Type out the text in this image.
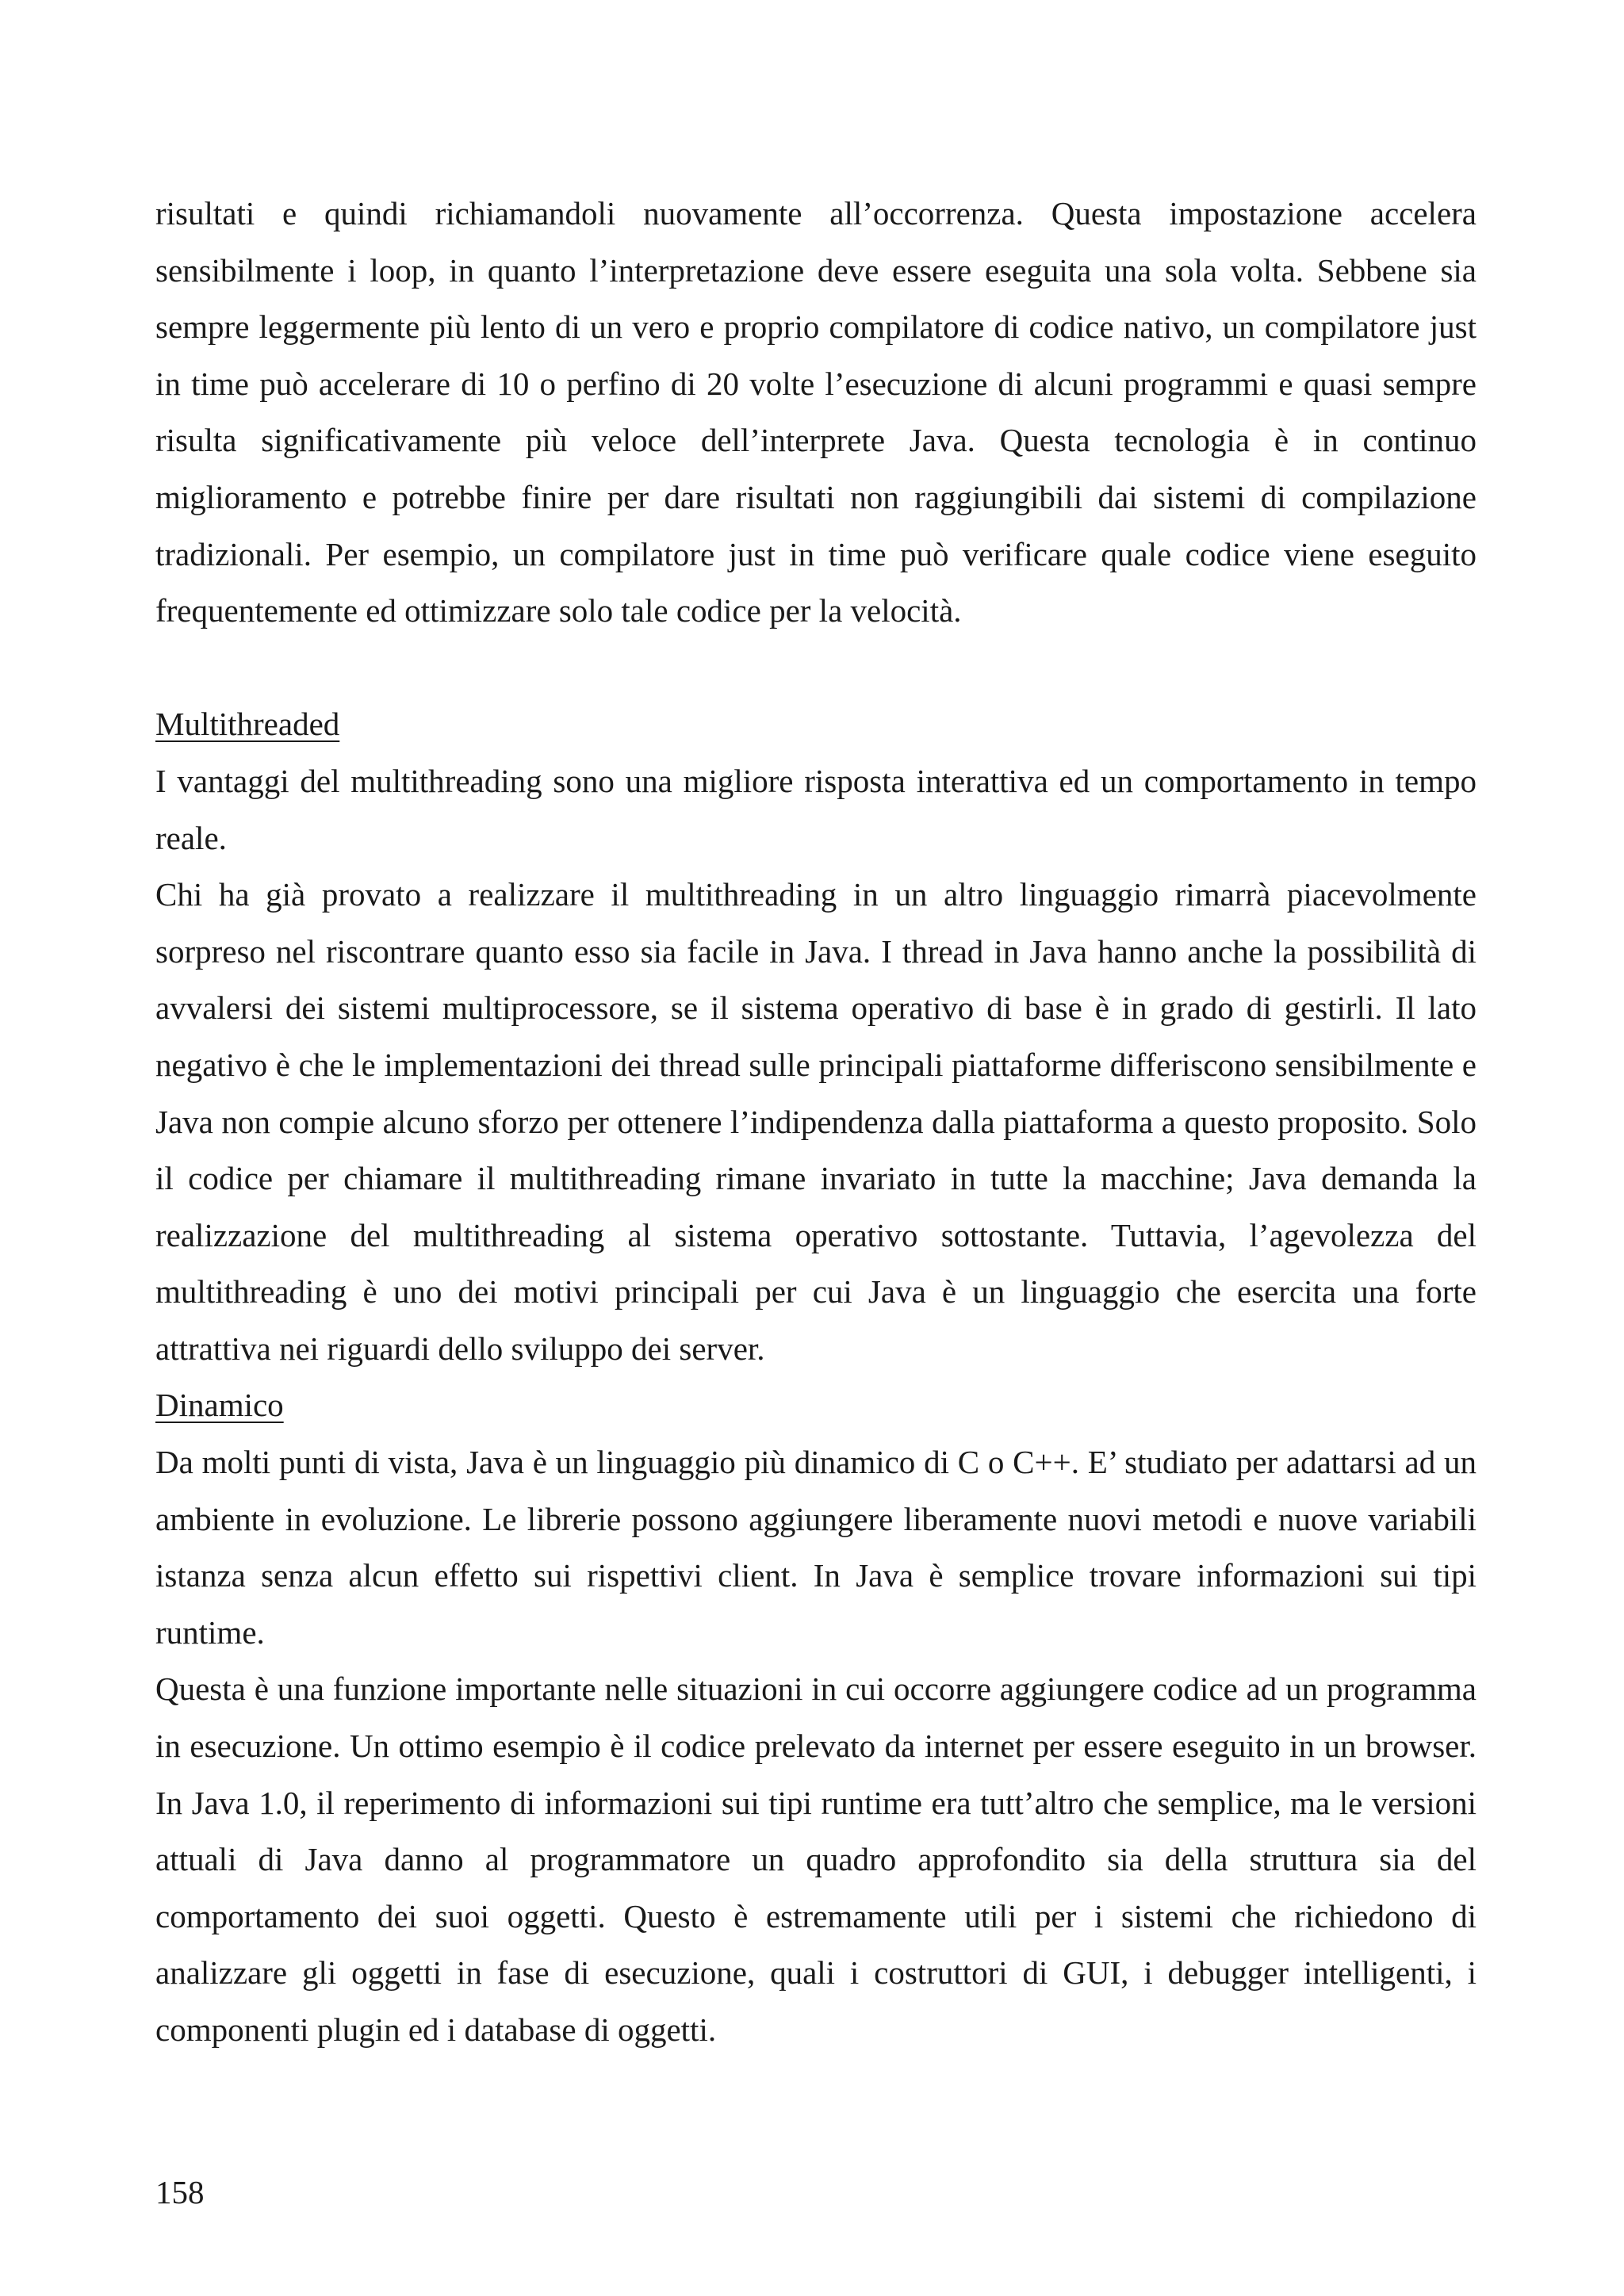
risultati e quindi richiamandoli nuovamente all’occorrenza. Questa impostazione accelera sensibilmente i loop, in quanto l’interpretazione deve essere eseguita una sola volta. Sebbene sia sempre leggermente più lento di un vero e proprio compilatore di codice nativo, un compilatore just in time può accelerare di 10 o perfino di 20 volte l’esecuzione di alcuni programmi e quasi sempre risulta significativamente più veloce dell’interprete Java. Questa tecnologia è in continuo miglioramento e potrebbe finire per dare risultati non raggiungibili dai sistemi di compilazione tradizionali. Per esempio, un compilatore just in time può verificare quale codice viene eseguito frequentemente ed ottimizzare solo tale codice per la velocità.

Multithreaded

I vantaggi del multithreading sono una migliore risposta interattiva ed un comportamento in tempo reale.

Chi ha già provato a realizzare il multithreading in un altro linguaggio rimarrà piacevolmente sorpreso nel riscontrare quanto esso sia facile in Java. I thread in Java hanno anche la possibilità di avvalersi dei sistemi multiprocessore, se il sistema operativo di base è in grado di gestirli. Il lato negativo è che le implementazioni dei thread sulle principali piattaforme differiscono sensibilmente e Java non compie alcuno sforzo per ottenere l’indipendenza dalla piattaforma a questo proposito. Solo il codice per chiamare il multithreading rimane invariato in tutte la macchine; Java demanda la realizzazione del multithreading al sistema operativo sottostante. Tuttavia, l’agevolezza del multithreading è uno dei motivi principali per cui Java è un linguaggio che esercita una forte attrattiva nei riguardi dello sviluppo dei server.

Dinamico

Da molti punti di vista, Java è un linguaggio più dinamico di C o C++. E’ studiato per adattarsi ad un ambiente in evoluzione. Le librerie possono aggiungere liberamente nuovi metodi e nuove variabili istanza senza alcun effetto sui rispettivi client. In Java è semplice trovare informazioni sui tipi runtime.

Questa è una funzione importante nelle situazioni in cui occorre aggiungere codice ad un programma in esecuzione. Un ottimo esempio è il codice prelevato da internet per essere eseguito in un browser. In Java 1.0, il reperimento di informazioni sui tipi runtime era tutt’altro che semplice, ma le versioni attuali di Java danno al programmatore un quadro approfondito sia della struttura sia del comportamento dei suoi oggetti. Questo è estremamente utili per i sistemi che richiedono di analizzare gli oggetti in fase di esecuzione, quali i costruttori di GUI, i debugger intelligenti, i componenti plugin ed i database di oggetti.

158
